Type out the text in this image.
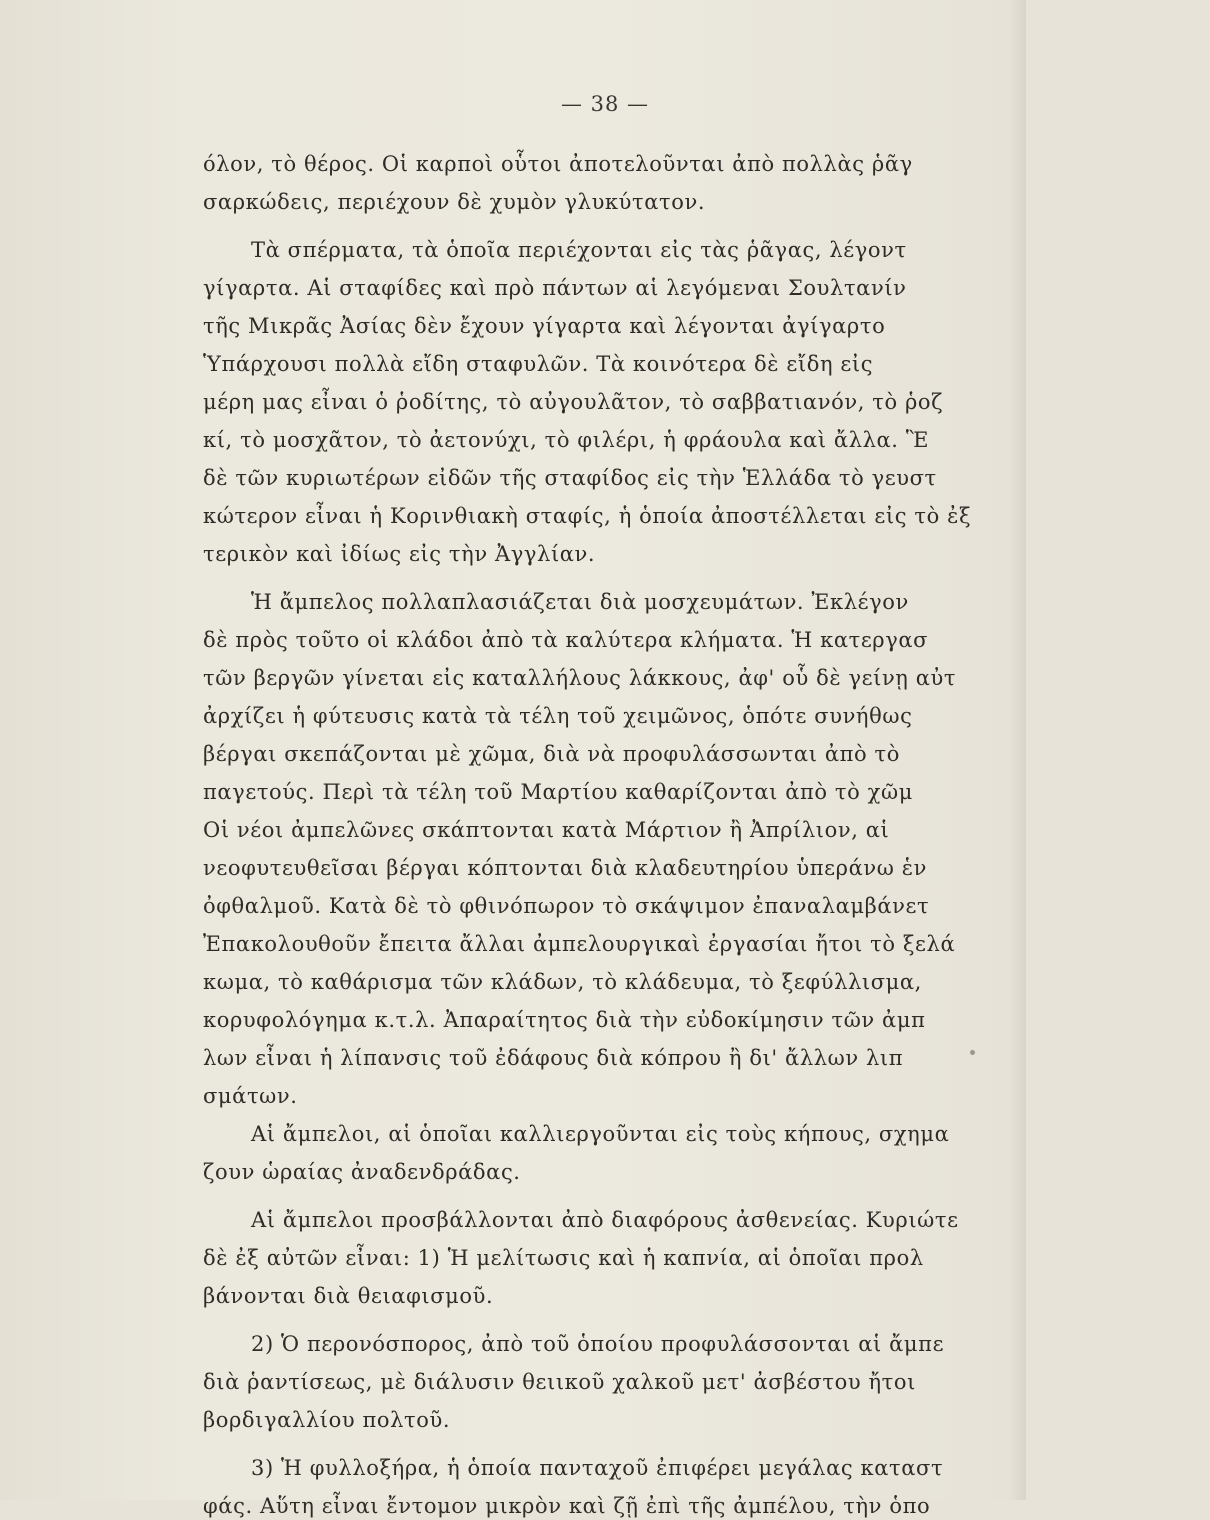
— 38 —
όλον, τὸ θέρος. Οἱ καρποὶ οὗτοι ἀποτελοῦνται ἀπὸ πολλὰς ῥᾶγ
σαρκώδεις, περιέχουν δὲ χυμὸν γλυκύτατον.
Τὰ σπέρματα, τὰ ὁποῖα περιέχονται εἰς τὰς ῥᾶγας, λέγοντ
γίγαρτα. Αἱ σταφίδες καὶ πρὸ πάντων αἱ λεγόμεναι Σουλτανίν
τῆς Μικρᾶς Ἀσίας δὲν ἔχουν γίγαρτα καὶ λέγονται ἀγίγαρτο
Ὑπάρχουσι πολλὰ εἴδη σταφυλῶν. Τὰ κοινότερα δὲ εἴδη εἰς
μέρη μας εἶναι ὁ ῥοδίτης, τὸ αὐγουλᾶτον, τὸ σαββατιανόν, τὸ ῥοζ
κί, τὸ μοσχᾶτον, τὸ ἀετονύχι, τὸ φιλέρι, ἡ φράουλα καὶ ἄλλα. Ἓ
δὲ τῶν κυριωτέρων εἰδῶν τῆς σταφίδος εἰς τὴν Ἑλλάδα τὸ γευστ
κώτερον εἶναι ἡ Κορινθιακὴ σταφίς, ἡ ὁποία ἀποστέλλεται εἰς τὸ ἐξ
τερικὸν καὶ ἰδίως εἰς τὴν Ἀγγλίαν.
Ἡ ἄμπελος πολλαπλασιάζεται διὰ μοσχευμάτων. Ἐκλέγον
δὲ πρὸς τοῦτο οἱ κλάδοι ἀπὸ τὰ καλύτερα κλήματα. Ἡ κατεργασ
τῶν βεργῶν γίνεται εἰς καταλλήλους λάκκους, ἀφ' οὗ δὲ γείνῃ αὐτ
ἀρχίζει ἡ φύτευσις κατὰ τὰ τέλη τοῦ χειμῶνος, ὁπότε συνήθως
βέργαι σκεπάζονται μὲ χῶμα, διὰ νὰ προφυλάσσωνται ἀπὸ τὸ
παγετούς. Περὶ τὰ τέλη τοῦ Μαρτίου καθαρίζονται ἀπὸ τὸ χῶμ
Οἱ νέοι ἀμπελῶνες σκάπτονται κατὰ Μάρτιον ἢ Ἀπρίλιον, αἱ
νεοφυτευθεῖσαι βέργαι κόπτονται διὰ κλαδευτηρίου ὑπεράνω ἑν
ὀφθαλμοῦ. Κατὰ δὲ τὸ φθινόπωρον τὸ σκάψιμον ἐπαναλαμβάνετ
Ἐπακολουθοῦν ἔπειτα ἄλλαι ἀμπελουργικαὶ ἐργασίαι ἤτοι τὸ ξελά
κωμα, τὸ καθάρισμα τῶν κλάδων, τὸ κλάδευμα, τὸ ξεφύλλισμα,
κορυφολόγημα κ.τ.λ. Ἀπαραίτητος διὰ τὴν εὐδοκίμησιν τῶν ἀμπ
λων εἶναι ἡ λίπανσις τοῦ ἐδάφους διὰ κόπρου ἢ δι' ἄλλων λιπ
σμάτων.
Αἱ ἄμπελοι, αἱ ὁποῖαι καλλιεργοῦνται εἰς τοὺς κήπους, σχημα
ζουν ὡραίας ἀναδενδράδας.
Αἱ ἄμπελοι προσβάλλονται ἀπὸ διαφόρους ἀσθενείας. Κυριώτε
δὲ ἐξ αὐτῶν εἶναι: 1) Ἡ μελίτωσις καὶ ἡ καπνία, αἱ ὁποῖαι προλ
βάνονται διὰ θειαφισμοῦ.
2) Ὁ περονόσπορος, ἀπὸ τοῦ ὁποίου προφυλάσσονται αἱ ἄμπε
διὰ ῥαντίσεως, μὲ διάλυσιν θειικοῦ χαλκοῦ μετ' ἀσβέστου ἤτοι
βορδιγαλλίου πολτοῦ.
3) Ἡ φυλλοξήρα, ἡ ὁποία πανταχοῦ ἐπιφέρει μεγάλας καταστ
φάς. Αὕτη εἶναι ἔντομον μικρὸν καὶ ζῇ ἐπὶ τῆς ἀμπέλου, τὴν ὁπο
